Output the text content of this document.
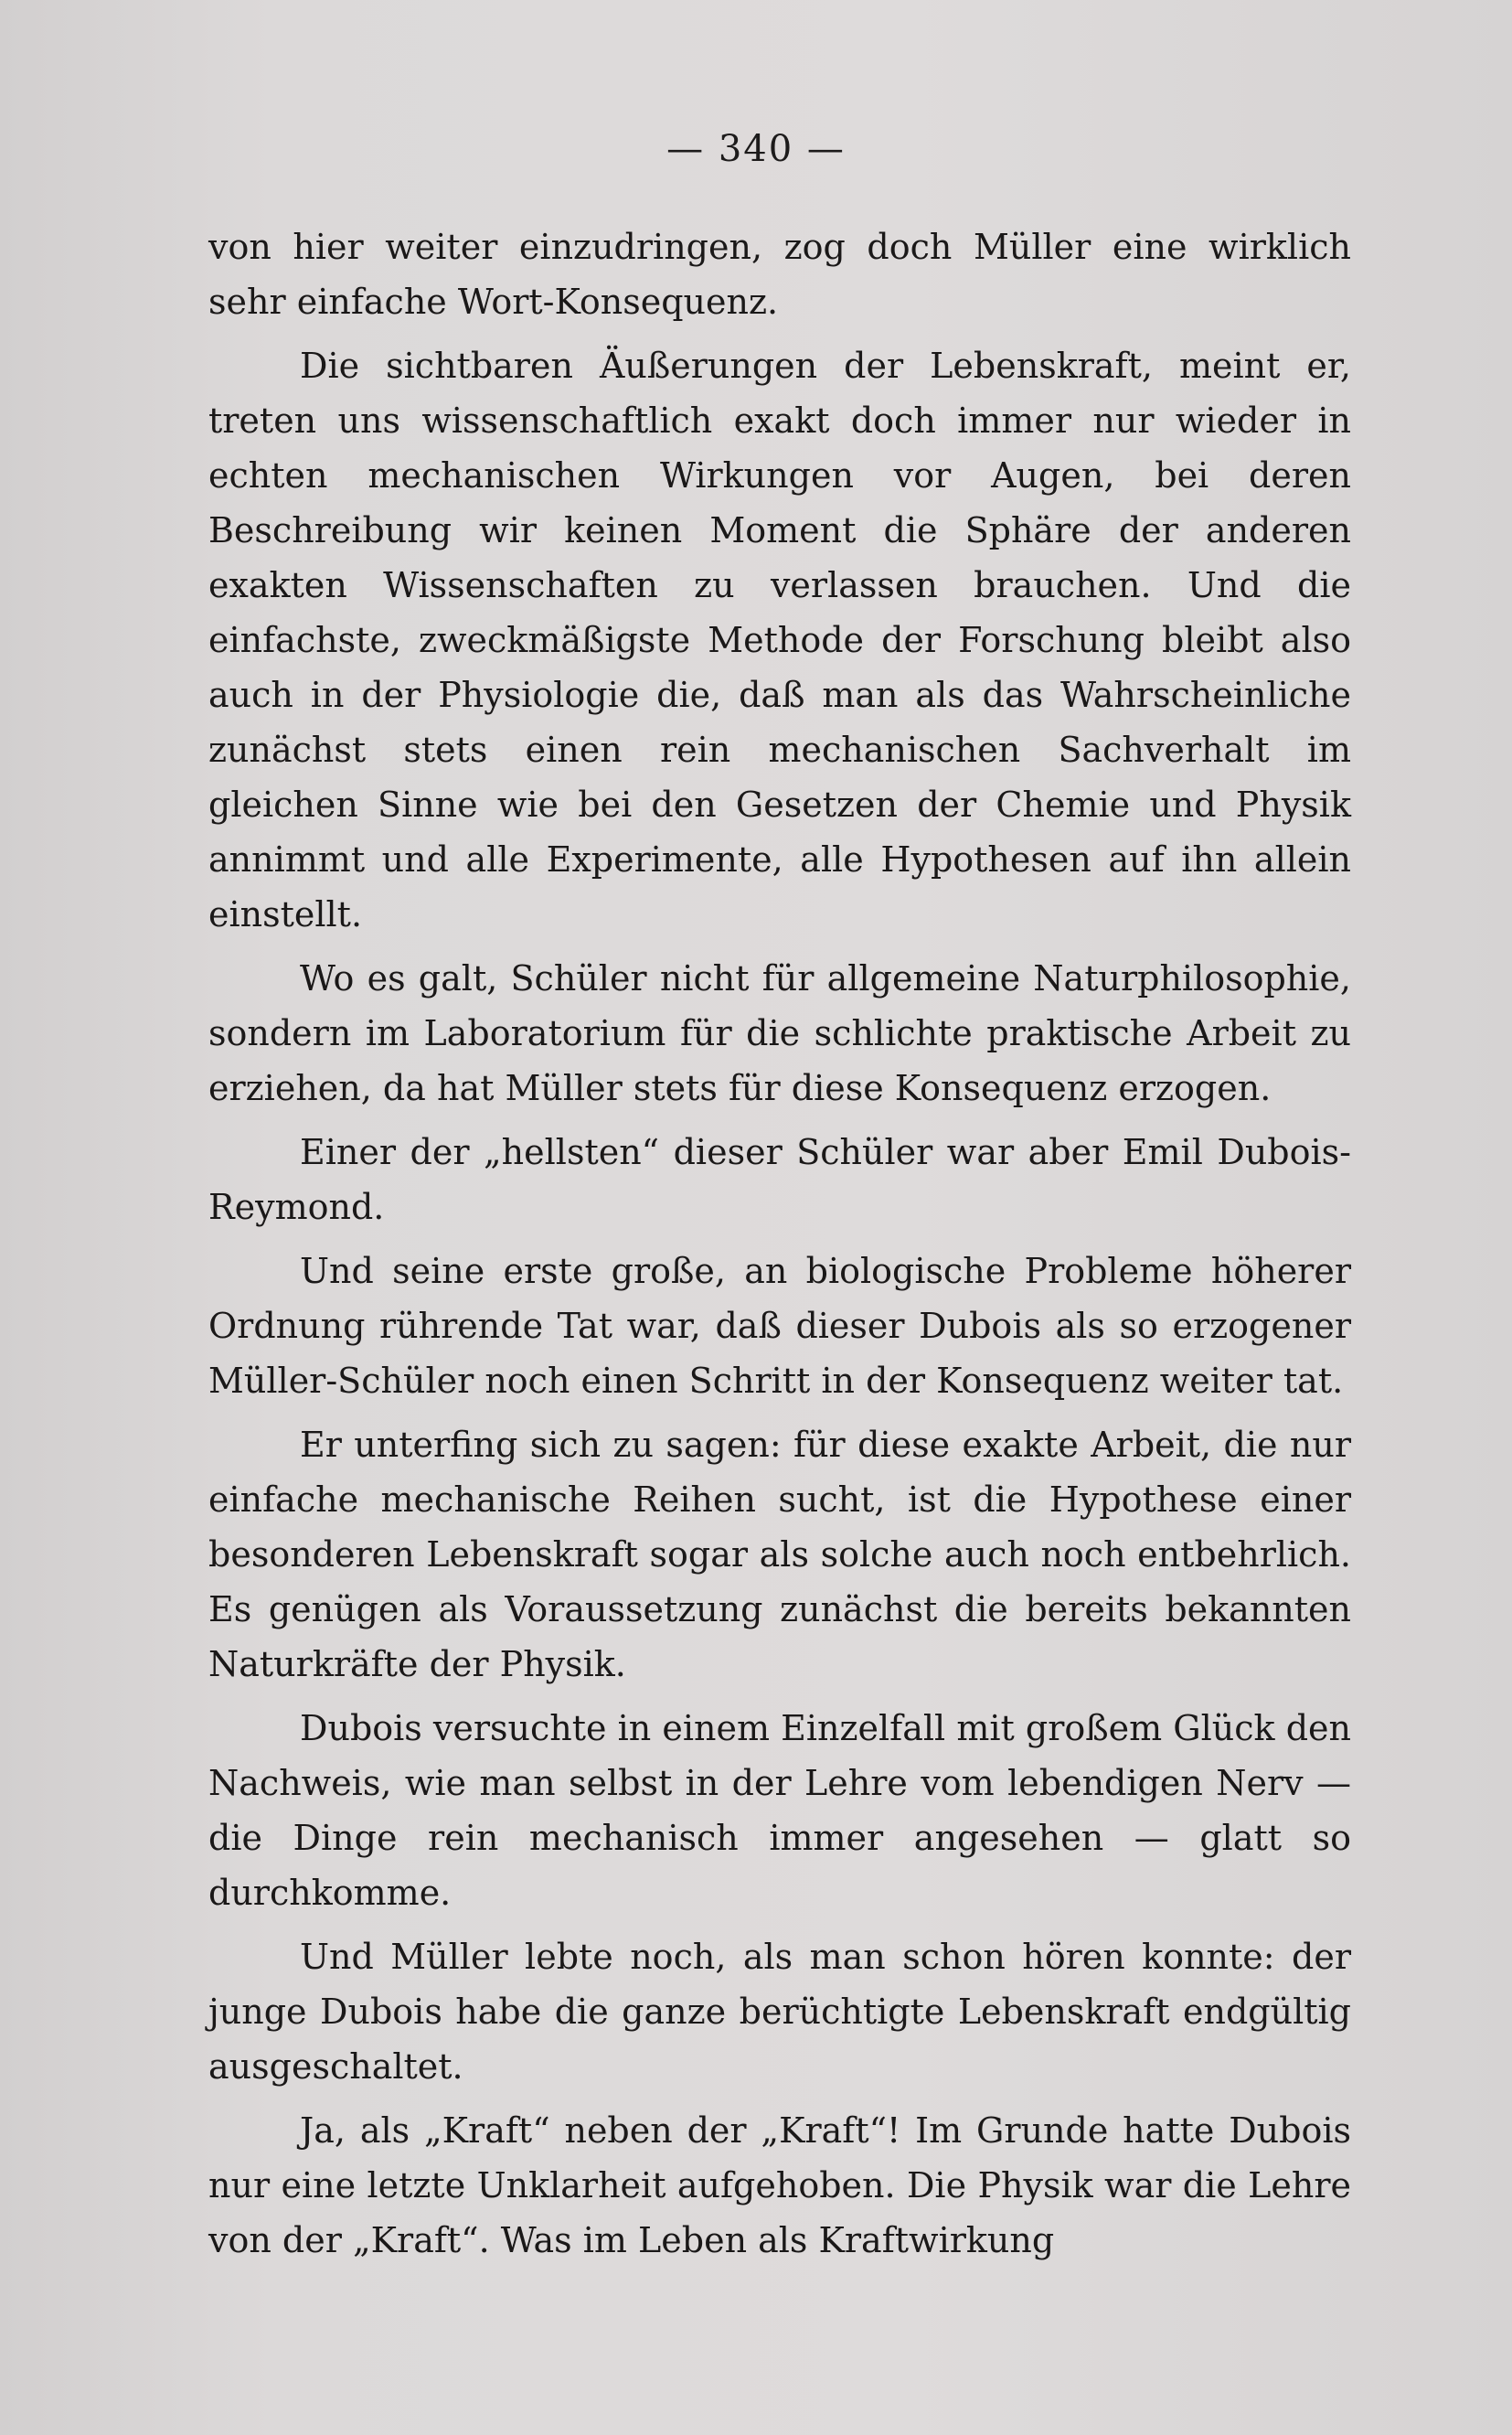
— 340 —

von hier weiter einzudringen, zog doch Müller eine wirklich sehr einfache Wort-Konsequenz.

Die sichtbaren Äußerungen der Lebenskraft, meint er, treten uns wissenschaftlich exakt doch immer nur wieder in echten mechanischen Wirkungen vor Augen, bei deren Beschreibung wir keinen Moment die Sphäre der anderen exakten Wissenschaften zu verlassen brauchen. Und die einfachste, zweckmäßigste Methode der Forschung bleibt also auch in der Physiologie die, daß man als das Wahrscheinliche zunächst stets einen rein mechanischen Sachverhalt im gleichen Sinne wie bei den Gesetzen der Chemie und Physik annimmt und alle Experimente, alle Hypothesen auf ihn allein einstellt.

Wo es galt, Schüler nicht für allgemeine Naturphilosophie, sondern im Laboratorium für die schlichte praktische Arbeit zu erziehen, da hat Müller stets für diese Konsequenz erzogen.

Einer der „hellsten“ dieser Schüler war aber Emil Dubois-Reymond.

Und seine erste große, an biologische Probleme höherer Ordnung rührende Tat war, daß dieser Dubois als so erzogener Müller-Schüler noch einen Schritt in der Konsequenz weiter tat.

Er unterfing sich zu sagen: für diese exakte Arbeit, die nur einfache mechanische Reihen sucht, ist die Hypothese einer besonderen Lebenskraft sogar als solche auch noch entbehrlich. Es genügen als Voraussetzung zunächst die bereits bekannten Naturkräfte der Physik.

Dubois versuchte in einem Einzelfall mit großem Glück den Nachweis, wie man selbst in der Lehre vom lebendigen Nerv — die Dinge rein mechanisch immer angesehen — glatt so durchkomme.

Und Müller lebte noch, als man schon hören konnte: der junge Dubois habe die ganze berüchtigte Lebenskraft endgültig ausgeschaltet.

Ja, als „Kraft“ neben der „Kraft“! Im Grunde hatte Dubois nur eine letzte Unklarheit aufgehoben. Die Physik war die Lehre von der „Kraft“. Was im Leben als Kraftwirkung
